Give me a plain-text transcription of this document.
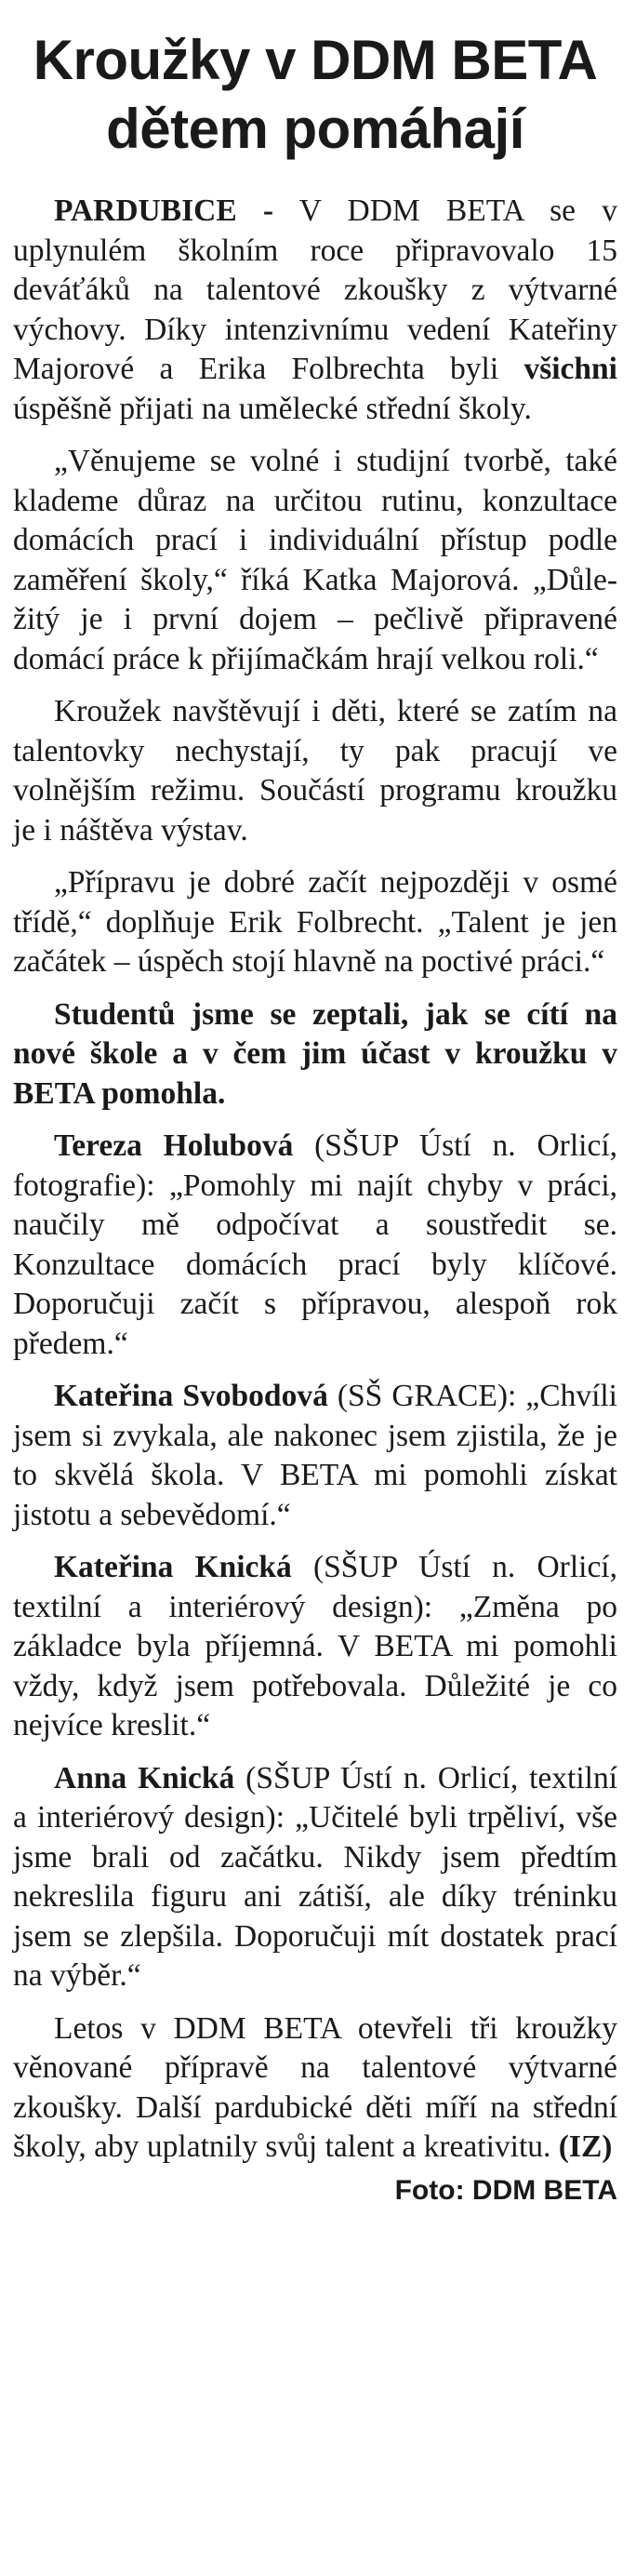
Kroužky v DDM BETA
dětem pomáhají

PARDUBICE - V DDM BETA se v uplynulém školním roce připravovalo 15 deváťáků na talentové zkoušky z výtvarné výchovy. Díky intenzivnímu vedení Kateřiny Majorové a Erika Folbrechta byli všichni úspěšně přijati na umělecké střední školy.

„Věnujeme se volné i studijní tvorbě, také klademe důraz na určitou rutinu, konzultace domácích prací i individuální přístup podle zaměření školy,“ říká Katka Majorová. „Důležitý je i první dojem – pečlivě připravené domácí práce k přijímačkám hrají velkou roli.“

Kroužek navštěvují i děti, které se zatím na talentovky nechystají, ty pak pracují ve volnějším režimu. Součástí programu kroužku je i náštěva výstav.

„Přípravu je dobré začít nejpozději v osmé třídě,“ doplňuje Erik Folbrecht. „Talent je jen začátek – úspěch stojí hlavně na poctivé práci.“

Studentů jsme se zeptali, jak se cítí na nové škole a v čem jim účast v kroužku v BETA pomohla.

Tereza Holubová (SŠUP Ústí n. Orlicí, fotografie): „Pomohly mi najít chyby v práci, naučily mě odpočívat a soustředit se. Konzultace domácích prací byly klíčové. Doporučuji začít s přípravou, alespoň rok předem.“

Kateřina Svobodová (SŠ GRACE): „Chvíli jsem si zvykala, ale nakonec jsem zjistila, že je to skvělá škola. V BETA mi pomohli získat jistotu a sebevědomí.“

Kateřina Knická (SŠUP Ústí n. Orlicí, textilní a interiérový design): „Změna po základce byla příjemná. V BETA mi pomohli vždy, když jsem potřebovala. Důležité je co nejvíce kreslit.“

Anna Knická (SŠUP Ústí n. Orlicí, textilní a interiérový design): „Učitelé byli trpěliví, vše jsme brali od začátku. Nikdy jsem předtím nekreslila figuru ani zátiší, ale díky tréninku jsem se zlepšila. Doporučuji mít dostatek prací na výběr.“

Letos v DDM BETA otevřeli tři kroužky věnované přípravě na talentové výtvarné zkoušky. Další pardubické děti míří na střední školy, aby uplatnily svůj talent a kreativitu. (IZ)

Foto: DDM BETA
